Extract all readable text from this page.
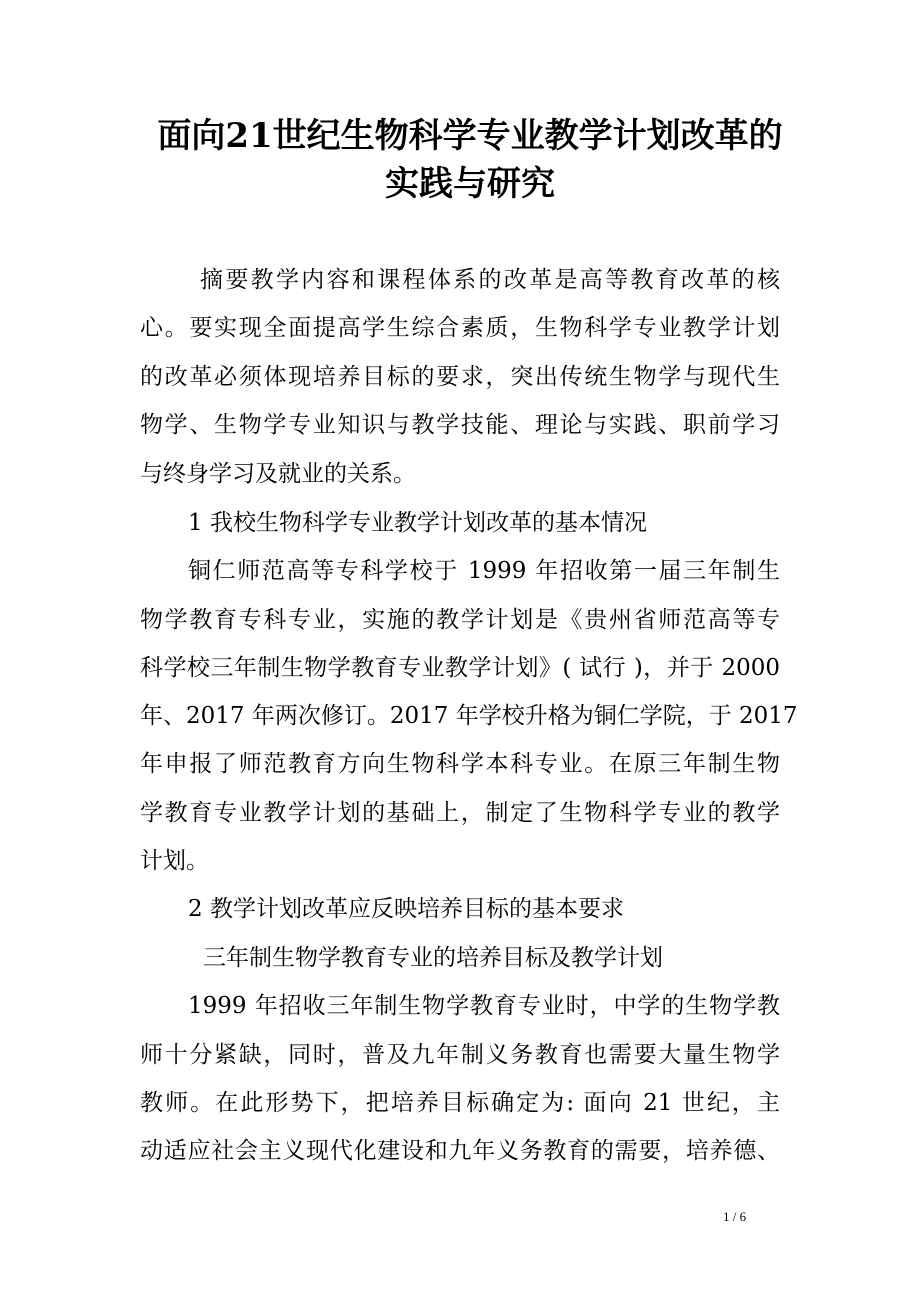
面向21世纪生物科学专业教学计划改革的
实践与研究
摘要教学内容和课程体系的改革是高等教育改革的核
心。要实现全面提高学生综合素质，生物科学专业教学计划
的改革必须体现培养目标的要求，突出传统生物学与现代生
物学、生物学专业知识与教学技能、理论与实践、职前学习
与终身学习及就业的关系。
1 我校生物科学专业教学计划改革的基本情况
铜仁师范高等专科学校于 1999 年招收第一届三年制生
物学教育专科专业，实施的教学计划是《贵州省师范高等专
科学校三年制生物学教育专业教学计划》( 试行 )，并于 2000
年、2017 年两次修订。2017 年学校升格为铜仁学院，于 2017
年申报了师范教育方向生物科学本科专业。在原三年制生物
学教育专业教学计划的基础上，制定了生物科学专业的教学
计划。
2 教学计划改革应反映培养目标的基本要求
三年制生物学教育专业的培养目标及教学计划
1999 年招收三年制生物学教育专业时，中学的生物学教
师十分紧缺，同时，普及九年制义务教育也需要大量生物学
教师。在此形势下，把培养目标确定为: 面向 21 世纪，主
动适应社会主义现代化建设和九年义务教育的需要，培养德、
1 / 6
